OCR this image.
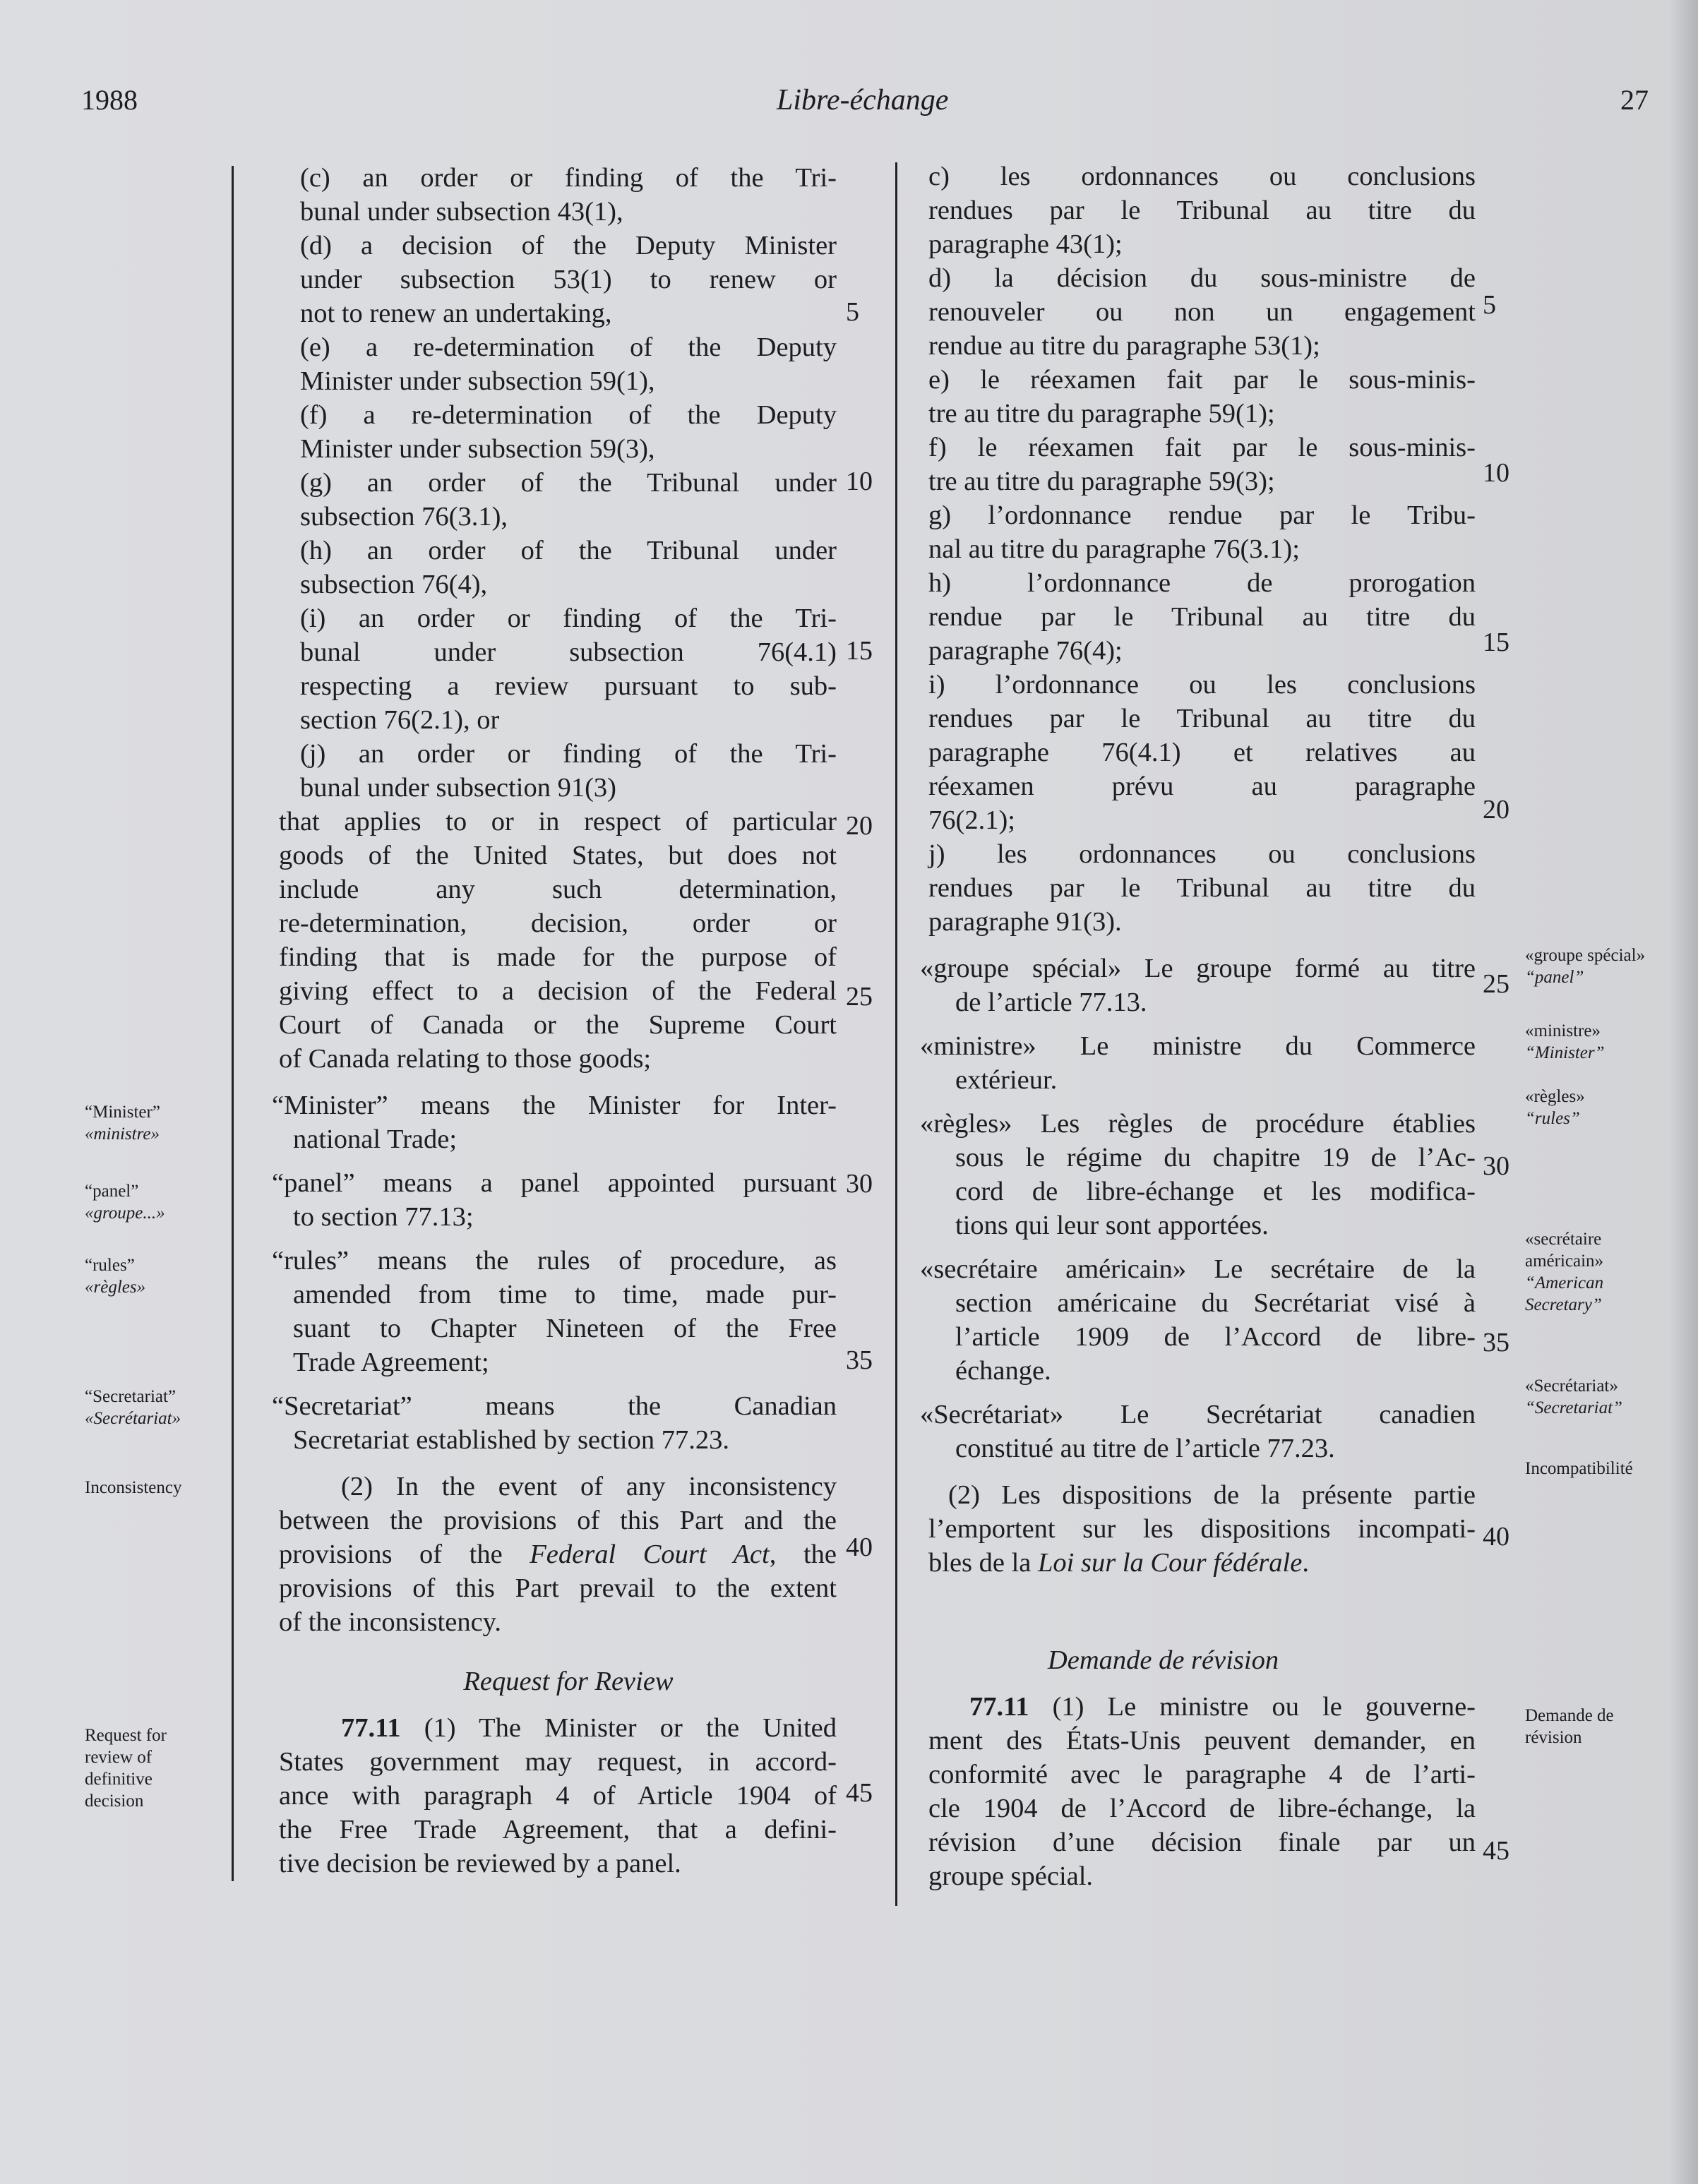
1988	Libre-échange	27

(c) an order or finding of the Tri-

bunal under subsection 43(1),

(d) a decision of the Deputy Minister

under subsection 53(1) to renew or

not to renew an undertaking,

(e) a re-determination of the Deputy

Minister under subsection 59(1),

(f) a re-determination of the Deputy

Minister under subsection 59(3),

(g) an order of the Tribunal under

subsection 76(3.1),

(h) an order of the Tribunal under

subsection 76(4),

(i) an order or finding of the Tri-

bunal under subsection 76(4.1)

respecting a review pursuant to sub-

section 76(2.1), or

(j) an order or finding of the Tri-

bunal under subsection 91(3)

that applies to or in respect of particular

goods of the United States, but does not

include any such determination,

re-determination, decision, order or

finding that is made for the purpose of

giving effect to a decision of the Federal

Court of Canada or the Supreme Court

of Canada relating to those goods;

“Minister” means the Minister for Inter-

national Trade;

“panel” means a panel appointed pursuant

to section 77.13;

“rules” means the rules of procedure, as

amended from time to time, made pur-

suant to Chapter Nineteen of the Free

Trade Agreement;

“Secretariat” means the Canadian

Secretariat established by section 77.23.

(2) In the event of any inconsistency

between the provisions of this Part and the

provisions of the Federal Court Act, the

provisions of this Part prevail to the extent

of the inconsistency.

Request for Review

77.11 (1) The Minister or the United

States government may request, in accord-

ance with paragraph 4 of Article 1904 of

the Free Trade Agreement, that a defini-

tive decision be reviewed by a panel.

c) les ordonnances ou conclusions

rendues par le Tribunal au titre du

paragraphe 43(1);

d) la décision du sous-ministre de

renouveler ou non un engagement

rendue au titre du paragraphe 53(1);

e) le réexamen fait par le sous-minis-

tre au titre du paragraphe 59(1);

f) le réexamen fait par le sous-minis-

tre au titre du paragraphe 59(3);

g) l’ordonnance rendue par le Tribu-

nal au titre du paragraphe 76(3.1);

h) l’ordonnance de prorogation

rendue par le Tribunal au titre du

paragraphe 76(4);

i) l’ordonnance ou les conclusions

rendues par le Tribunal au titre du

paragraphe 76(4.1) et relatives au

réexamen prévu au paragraphe

76(2.1);

j) les ordonnances ou conclusions

rendues par le Tribunal au titre du

paragraphe 91(3).

«groupe spécial» Le groupe formé au titre

de l’article 77.13.

«ministre» Le ministre du Commerce

extérieur.

«règles» Les règles de procédure établies

sous le régime du chapitre 19 de l’Ac-

cord de libre-échange et les modifica-

tions qui leur sont apportées.

«secrétaire américain» Le secrétaire de la

section américaine du Secrétariat visé à

l’article 1909 de l’Accord de libre-

échange.

«Secrétariat» Le Secrétariat canadien

constitué au titre de l’article 77.23.

(2) Les dispositions de la présente partie

l’emportent sur les dispositions incompati-

bles de la Loi sur la Cour fédérale.

Demande de révision

77.11 (1) Le ministre ou le gouverne-

ment des États-Unis peuvent demander, en

conformité avec le paragraphe 4 de l’arti-

cle 1904 de l’Accord de libre-échange, la

révision d’une décision finale par un

groupe spécial.

5
10
15
20
25
30
35
40
45
5
10
15
20
25
30
35
40
45
“Minister”
«ministre»
“panel”
«groupe...»
“rules”
«règles»
“Secretariat”
«Secrétariat»
Inconsistency
Request for
review of
definitive
decision
«groupe spécial»
“panel”
«ministre»
“Minister”
«règles»
“rules”
«secrétaire
américain»
“American
Secretary”
«Secrétariat»
“Secretariat”
Incompatibilité
Demande de
révision
